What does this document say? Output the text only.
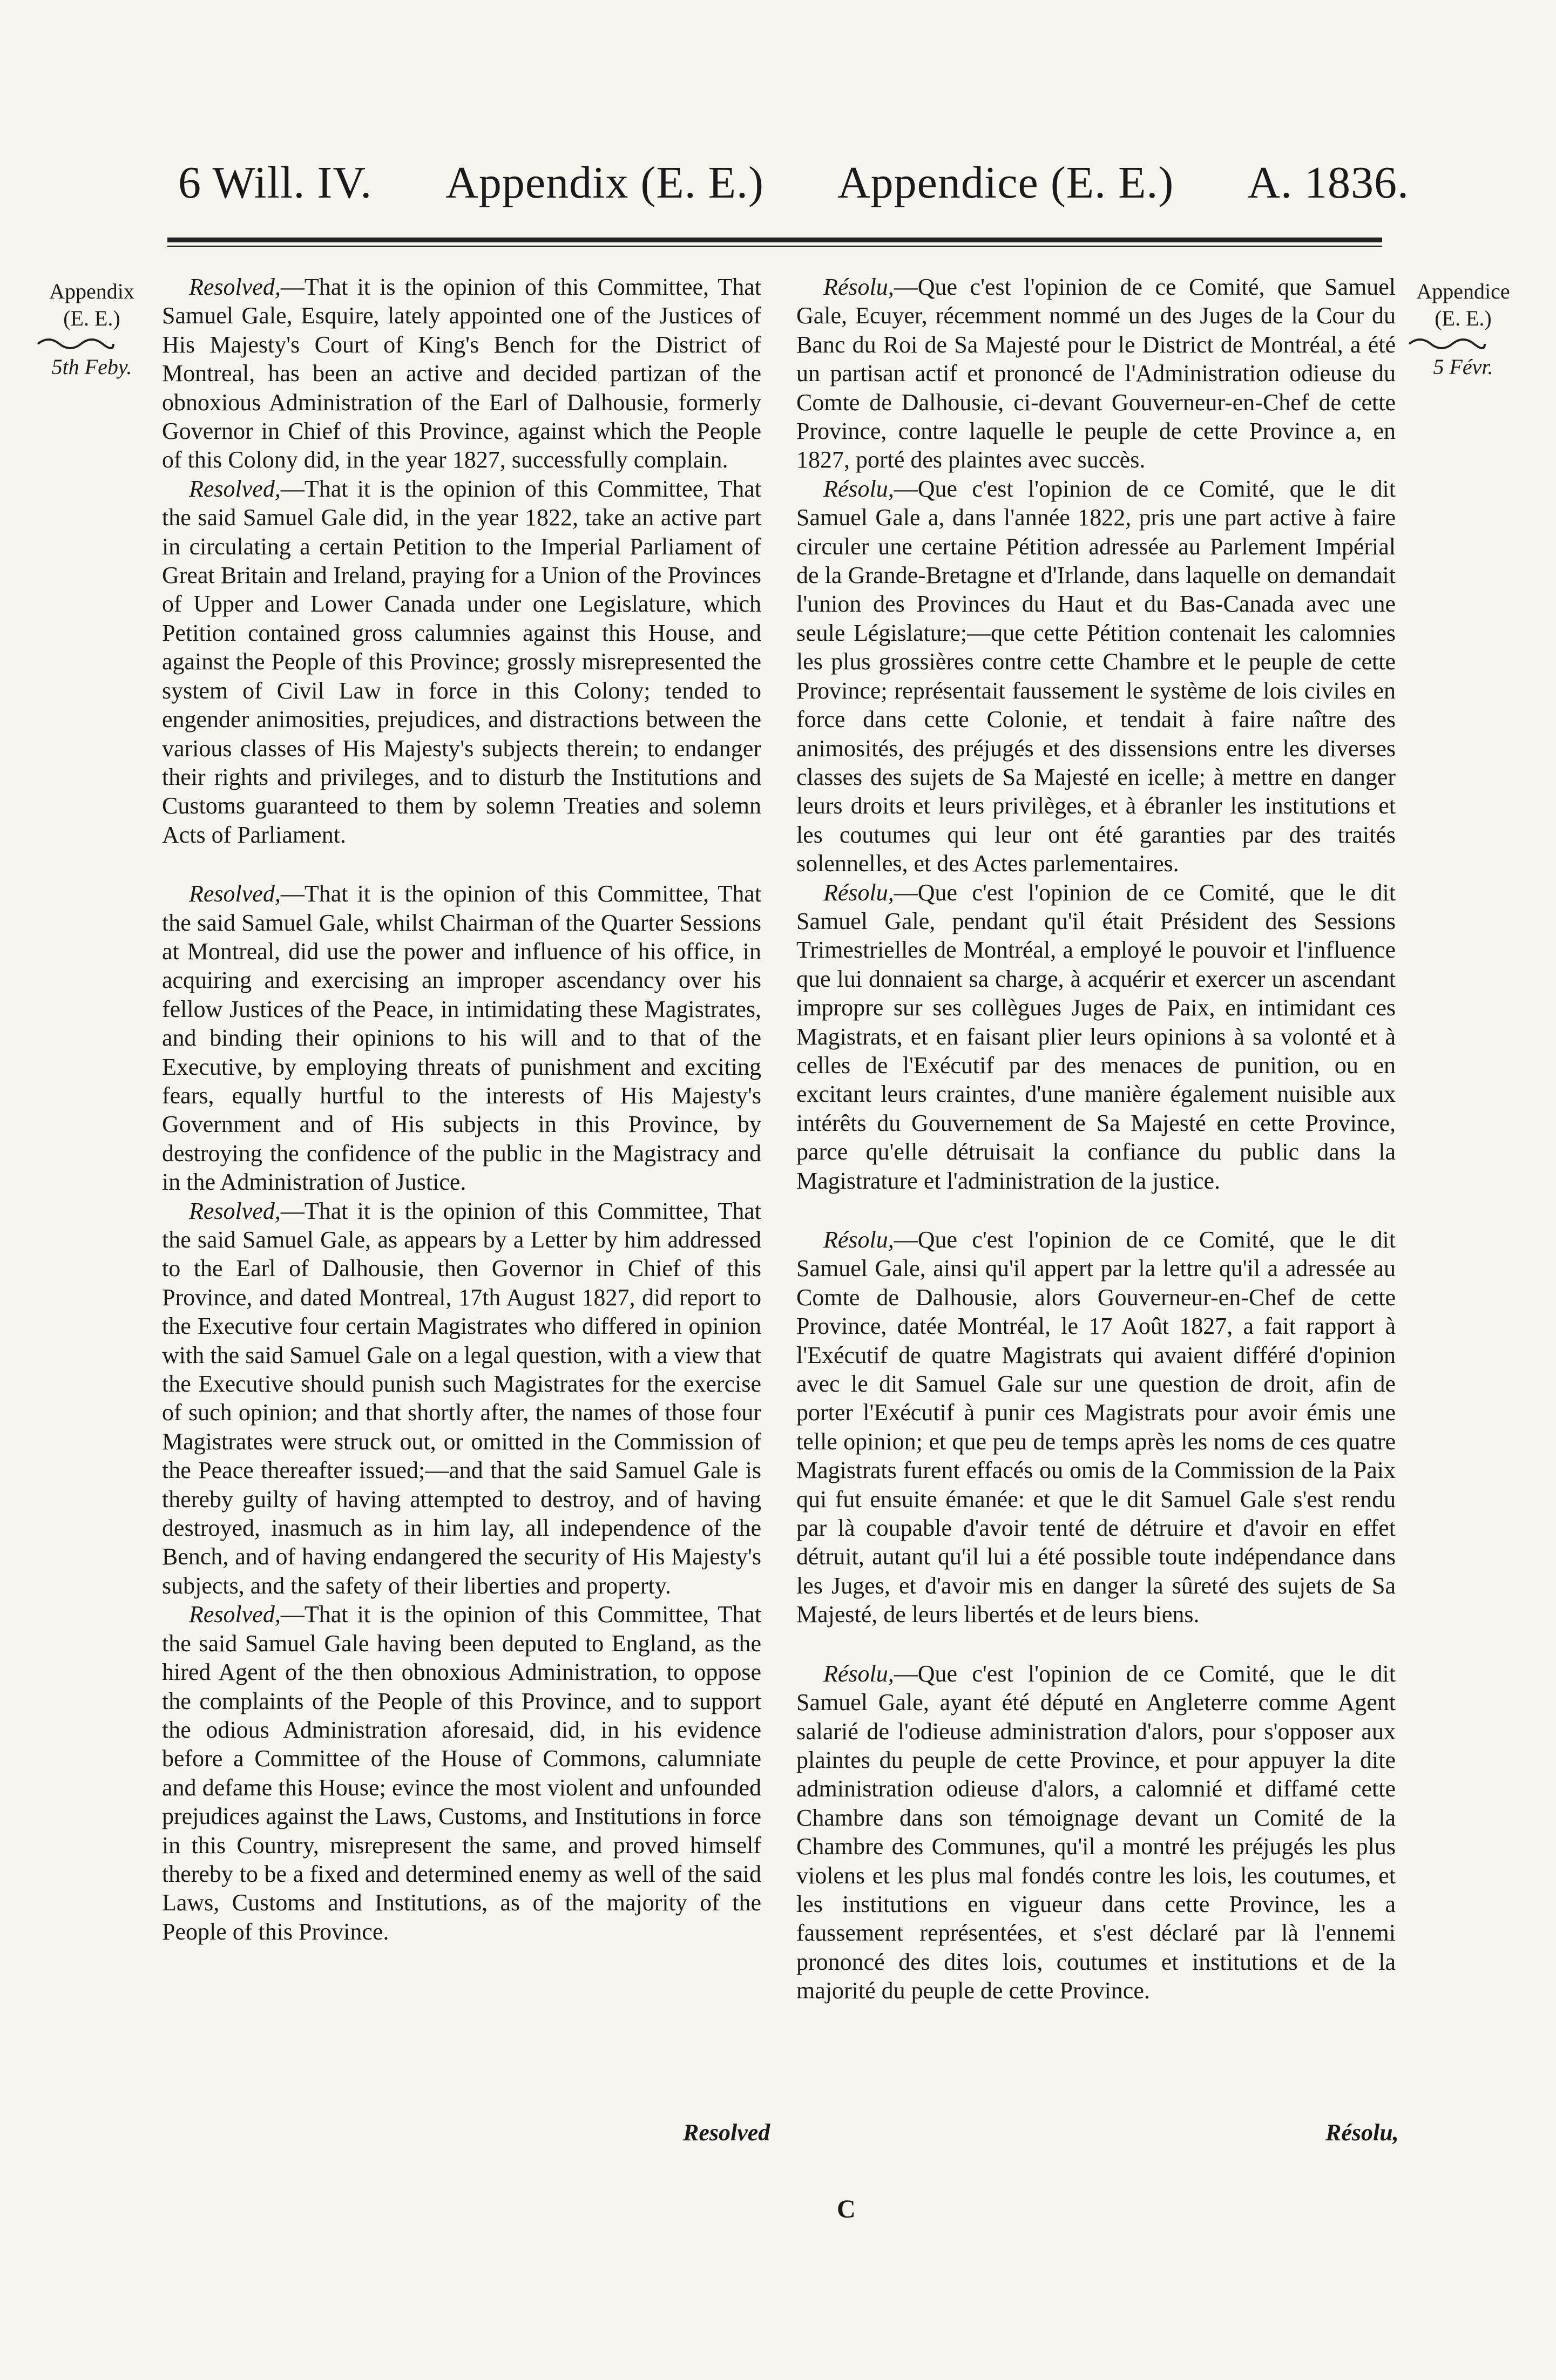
6 Will. IV. Appendix (E. E.) Appendice (E. E.) A. 1836.
Appendix
(E. E.)
5th Feby.
Appendice
(E. E.)
5 Févr.

Resolved,—That it is the opinion of this Committee, That Samuel Gale, Esquire, lately appointed one of the Justices of His Majesty's Court of King's Bench for the District of Montreal, has been an active and decided partizan of the obnoxious Administration of the Earl of Dalhousie, formerly Governor in Chief of this Province, against which the People of this Colony did, in the year 1827, successfully complain.

Resolved,—That it is the opinion of this Committee, That the said Samuel Gale did, in the year 1822, take an active part in circulating a certain Petition to the Imperial Parliament of Great Britain and Ireland, praying for a Union of the Provinces of Upper and Lower Canada under one Legislature, which Petition contained gross calumnies against this House, and against the People of this Province; grossly misrepresented the system of Civil Law in force in this Colony; tended to engender animosities, prejudices, and distractions between the various classes of His Majesty's subjects therein; to endanger their rights and privileges, and to disturb the Institutions and Customs guaranteed to them by solemn Treaties and solemn Acts of Parliament.

Resolved,—That it is the opinion of this Committee, That the said Samuel Gale, whilst Chairman of the Quarter Sessions at Montreal, did use the power and influence of his office, in acquiring and exercising an improper ascendancy over his fellow Justices of the Peace, in intimidating these Magistrates, and binding their opinions to his will and to that of the Executive, by employing threats of punishment and exciting fears, equally hurtful to the interests of His Majesty's Government and of His subjects in this Province, by destroying the confidence of the public in the Magistracy and in the Administration of Justice.

Resolved,—That it is the opinion of this Committee, That the said Samuel Gale, as appears by a Letter by him addressed to the Earl of Dalhousie, then Governor in Chief of this Province, and dated Montreal, 17th August 1827, did report to the Executive four certain Magistrates who differed in opinion with the said Samuel Gale on a legal question, with a view that the Executive should punish such Magistrates for the exercise of such opinion; and that shortly after, the names of those four Magistrates were struck out, or omitted in the Commission of the Peace thereafter issued;—and that the said Samuel Gale is thereby guilty of having attempted to destroy, and of having destroyed, inasmuch as in him lay, all independence of the Bench, and of having endangered the security of His Majesty's subjects, and the safety of their liberties and property.

Resolved,—That it is the opinion of this Committee, That the said Samuel Gale having been deputed to England, as the hired Agent of the then obnoxious Administration, to oppose the complaints of the People of this Province, and to support the odious Administration aforesaid, did, in his evidence before a Committee of the House of Commons, calumniate and defame this House; evince the most violent and unfounded prejudices against the Laws, Customs, and Institutions in force in this Country, misrepresent the same, and proved himself thereby to be a fixed and determined enemy as well of the said Laws, Customs and Institutions, as of the majority of the People of this Province.

Résolu,—Que c'est l'opinion de ce Comité, que Samuel Gale, Ecuyer, récemment nommé un des Juges de la Cour du Banc du Roi de Sa Majesté pour le District de Montréal, a été un partisan actif et prononcé de l'Administration odieuse du Comte de Dalhousie, ci-devant Gouverneur-en-Chef de cette Province, contre laquelle le peuple de cette Province a, en 1827, porté des plaintes avec succès.

Résolu,—Que c'est l'opinion de ce Comité, que le dit Samuel Gale a, dans l'année 1822, pris une part active à faire circuler une certaine Pétition adressée au Parlement Impérial de la Grande-Bretagne et d'Irlande, dans laquelle on demandait l'union des Provinces du Haut et du Bas-Canada avec une seule Législature;—que cette Pétition contenait les calomnies les plus grossières contre cette Chambre et le peuple de cette Province; représentait faussement le système de lois civiles en force dans cette Colonie, et tendait à faire naître des animosités, des préjugés et des dissensions entre les diverses classes des sujets de Sa Majesté en icelle; à mettre en danger leurs droits et leurs privilèges, et à ébranler les institutions et les coutumes qui leur ont été garanties par des traités solennelles, et des Actes parlementaires.

Résolu,—Que c'est l'opinion de ce Comité, que le dit Samuel Gale, pendant qu'il était Président des Sessions Trimestrielles de Montréal, a employé le pouvoir et l'influence que lui donnaient sa charge, à acquérir et exercer un ascendant impropre sur ses collègues Juges de Paix, en intimidant ces Magistrats, et en faisant plier leurs opinions à sa volonté et à celles de l'Exécutif par des menaces de punition, ou en excitant leurs craintes, d'une manière également nuisible aux intérêts du Gouvernement de Sa Majesté en cette Province, parce qu'elle détruisait la confiance du public dans la Magistrature et l'administration de la justice.

Résolu,—Que c'est l'opinion de ce Comité, que le dit Samuel Gale, ainsi qu'il appert par la lettre qu'il a adressée au Comte de Dalhousie, alors Gouverneur-en-Chef de cette Province, datée Montréal, le 17 Août 1827, a fait rapport à l'Exécutif de quatre Magistrats qui avaient différé d'opinion avec le dit Samuel Gale sur une question de droit, afin de porter l'Exécutif à punir ces Magistrats pour avoir émis une telle opinion; et que peu de temps après les noms de ces quatre Magistrats furent effacés ou omis de la Commission de la Paix qui fut ensuite émanée: et que le dit Samuel Gale s'est rendu par là coupable d'avoir tenté de détruire et d'avoir en effet détruit, autant qu'il lui a été possible toute indépendance dans les Juges, et d'avoir mis en danger la sûreté des sujets de Sa Majesté, de leurs libertés et de leurs biens.

Résolu,—Que c'est l'opinion de ce Comité, que le dit Samuel Gale, ayant été député en Angleterre comme Agent salarié de l'odieuse administration d'alors, pour s'opposer aux plaintes du peuple de cette Province, et pour appuyer la dite administration odieuse d'alors, a calomnié et diffamé cette Chambre dans son témoignage devant un Comité de la Chambre des Communes, qu'il a montré les préjugés les plus violens et les plus mal fondés contre les lois, les coutumes, et les institutions en vigueur dans cette Province, les a faussement représentées, et s'est déclaré par là l'ennemi prononcé des dites lois, coutumes et institutions et de la majorité du peuple de cette Province.

Resolved	Résolu,
C
